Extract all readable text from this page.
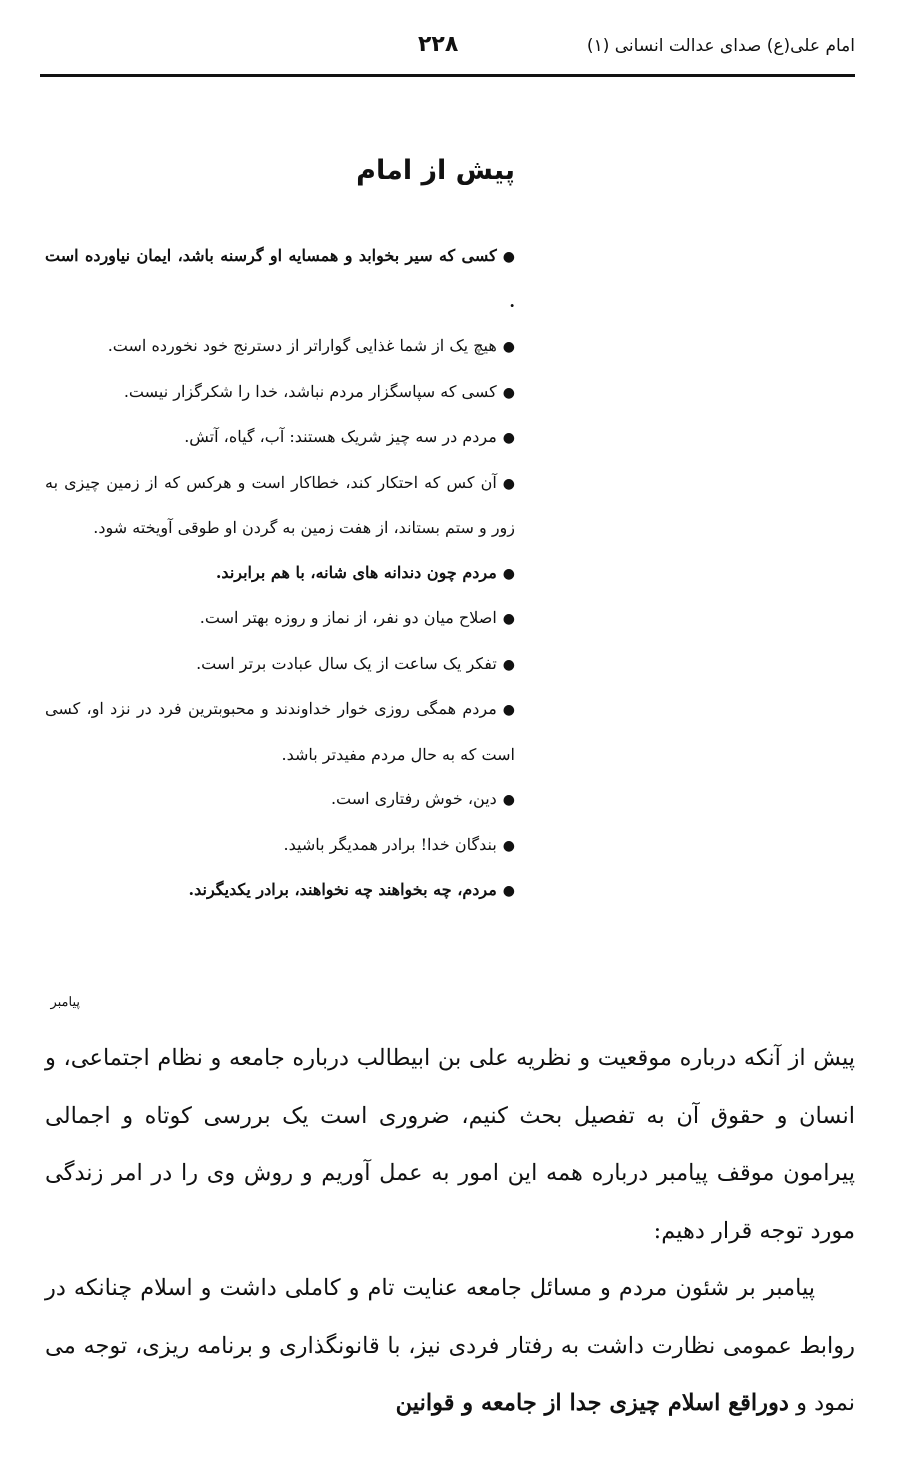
امام علی(ع) صدای عدالت انسانی (۱)
۲۲۸
پیش از امام
●کسی که سیر بخوابد و همسایه او گرسنه باشد، ایمان نیاورده است .
●هیچ یک از شما غذایی گواراتر از دسترنج خود نخورده است.
●کسی که سپاسگزار مردم نباشد، خدا را شکرگزار نیست.
●مردم در سه چیز شریک هستند: آب، گیاه، آتش.
●آن کس که احتکار کند، خطاکار است و هرکس که از زمین چیزی به زور و ستم بستاند، از هفت زمین به گردن او طوقی آویخته شود.
●مردم چون دندانه های شانه، با هم برابرند.
●اصلاح میان دو نفر، از نماز و روزه بهتر است.
●تفکر یک ساعت از یک سال عبادت برتر است.
●مردم همگی روزی خوار خداوندند و محبوبترین فرد در نزد او، کسی است که به حال مردم مفیدتر باشد.
●دین، خوش رفتاری است.
●بندگان خدا! برادر همدیگر باشید.
●مردم، چه بخواهند چه نخواهند، برادر یکدیگرند.
پیامبر

پیش از آنکه درباره موقعیت و نظریه علی بن ابیطالب درباره جامعه و نظام اجتماعی، و انسان و حقوق آن به تفصیل بحث کنیم، ضروری است یک بررسی کوتاه و اجمالی پیرامون موقف پیامبر درباره همه این امور به عمل آوریم و روش وی را در امر زندگی مورد توجه قرار دهیم:

پیامبر بر شئون مردم و مسائل جامعه عنایت تام و کاملی داشت و اسلام چنانکه در روابط عمومی نظارت داشت به رفتار فردی نیز، با قانونگذاری و برنامه ریزی، توجه می نمود و دوراقع اسلام چیزی جدا از جامعه و قوانین
